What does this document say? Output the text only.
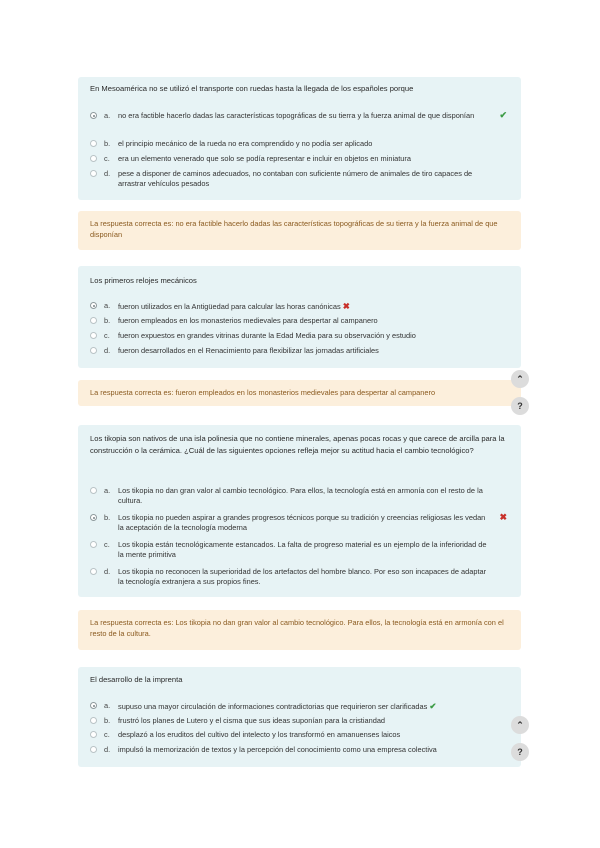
En Mesoamérica no se utilizó el transporte con ruedas hasta la llegada de los españoles porque
a.	no era factible hacerlo dadas las características topográficas de su tierra y la fuerza animal de que disponían	✔
b.	el principio mecánico de la rueda no era comprendido y no podía ser aplicado
c.	era un elemento venerado que solo se podía representar e incluir en objetos en miniatura
d.	pese a disponer de caminos adecuados, no contaban con suficiente número de animales de tiro capaces de arrastrar vehículos pesados
La respuesta correcta es: no era factible hacerlo dadas las características topográficas de su tierra y la fuerza animal de que disponían
Los primeros relojes mecánicos
a.	fueron utilizados en la Antigüedad para calcular las horas canónicas ✖
b.	fueron empleados en los monasterios medievales para despertar al campanero
c.	fueron expuestos en grandes vitrinas durante la Edad Media para su observación y estudio
d.	fueron desarrollados en el Renacimiento para flexibilizar las jornadas artificiales
La respuesta correcta es: fueron empleados en los monasterios medievales para despertar al campanero
Los tikopia son nativos de una isla polinesia que no contiene minerales, apenas pocas rocas y que carece de arcilla para la construcción o la cerámica. ¿Cuál de las siguientes opciones refleja mejor su actitud hacia el cambio tecnológico?
a.	Los tikopia no dan gran valor al cambio tecnológico. Para ellos, la tecnología está en armonía con el resto de la cultura.
b.	Los tikopia no pueden aspirar a grandes progresos técnicos porque su tradición y creencias religiosas les vedan la aceptación de la tecnología moderna
✖
c.	Los tikopia están tecnológicamente estancados. La falta de progreso material es un ejemplo de la inferioridad de la mente primitiva
d.	Los tikopia no reconocen la superioridad de los artefactos del hombre blanco. Por eso son incapaces de adaptar la tecnología extranjera a sus propios fines.
La respuesta correcta es: Los tikopia no dan gran valor al cambio tecnológico. Para ellos, la tecnología está en armonía con el resto de la cultura.
El desarrollo de la imprenta
a.	supuso una mayor circulación de informaciones contradictorias que requirieron ser clarificadas ✔
b.	frustró los planes de Lutero y el cisma que sus ideas suponían para la cristiandad
c.	desplazó a los eruditos del cultivo del intelecto y los transformó en amanuenses laicos
d.	impulsó la memorización de textos y la percepción del conocimiento como una empresa colectiva
⌃
?
⌃
?
